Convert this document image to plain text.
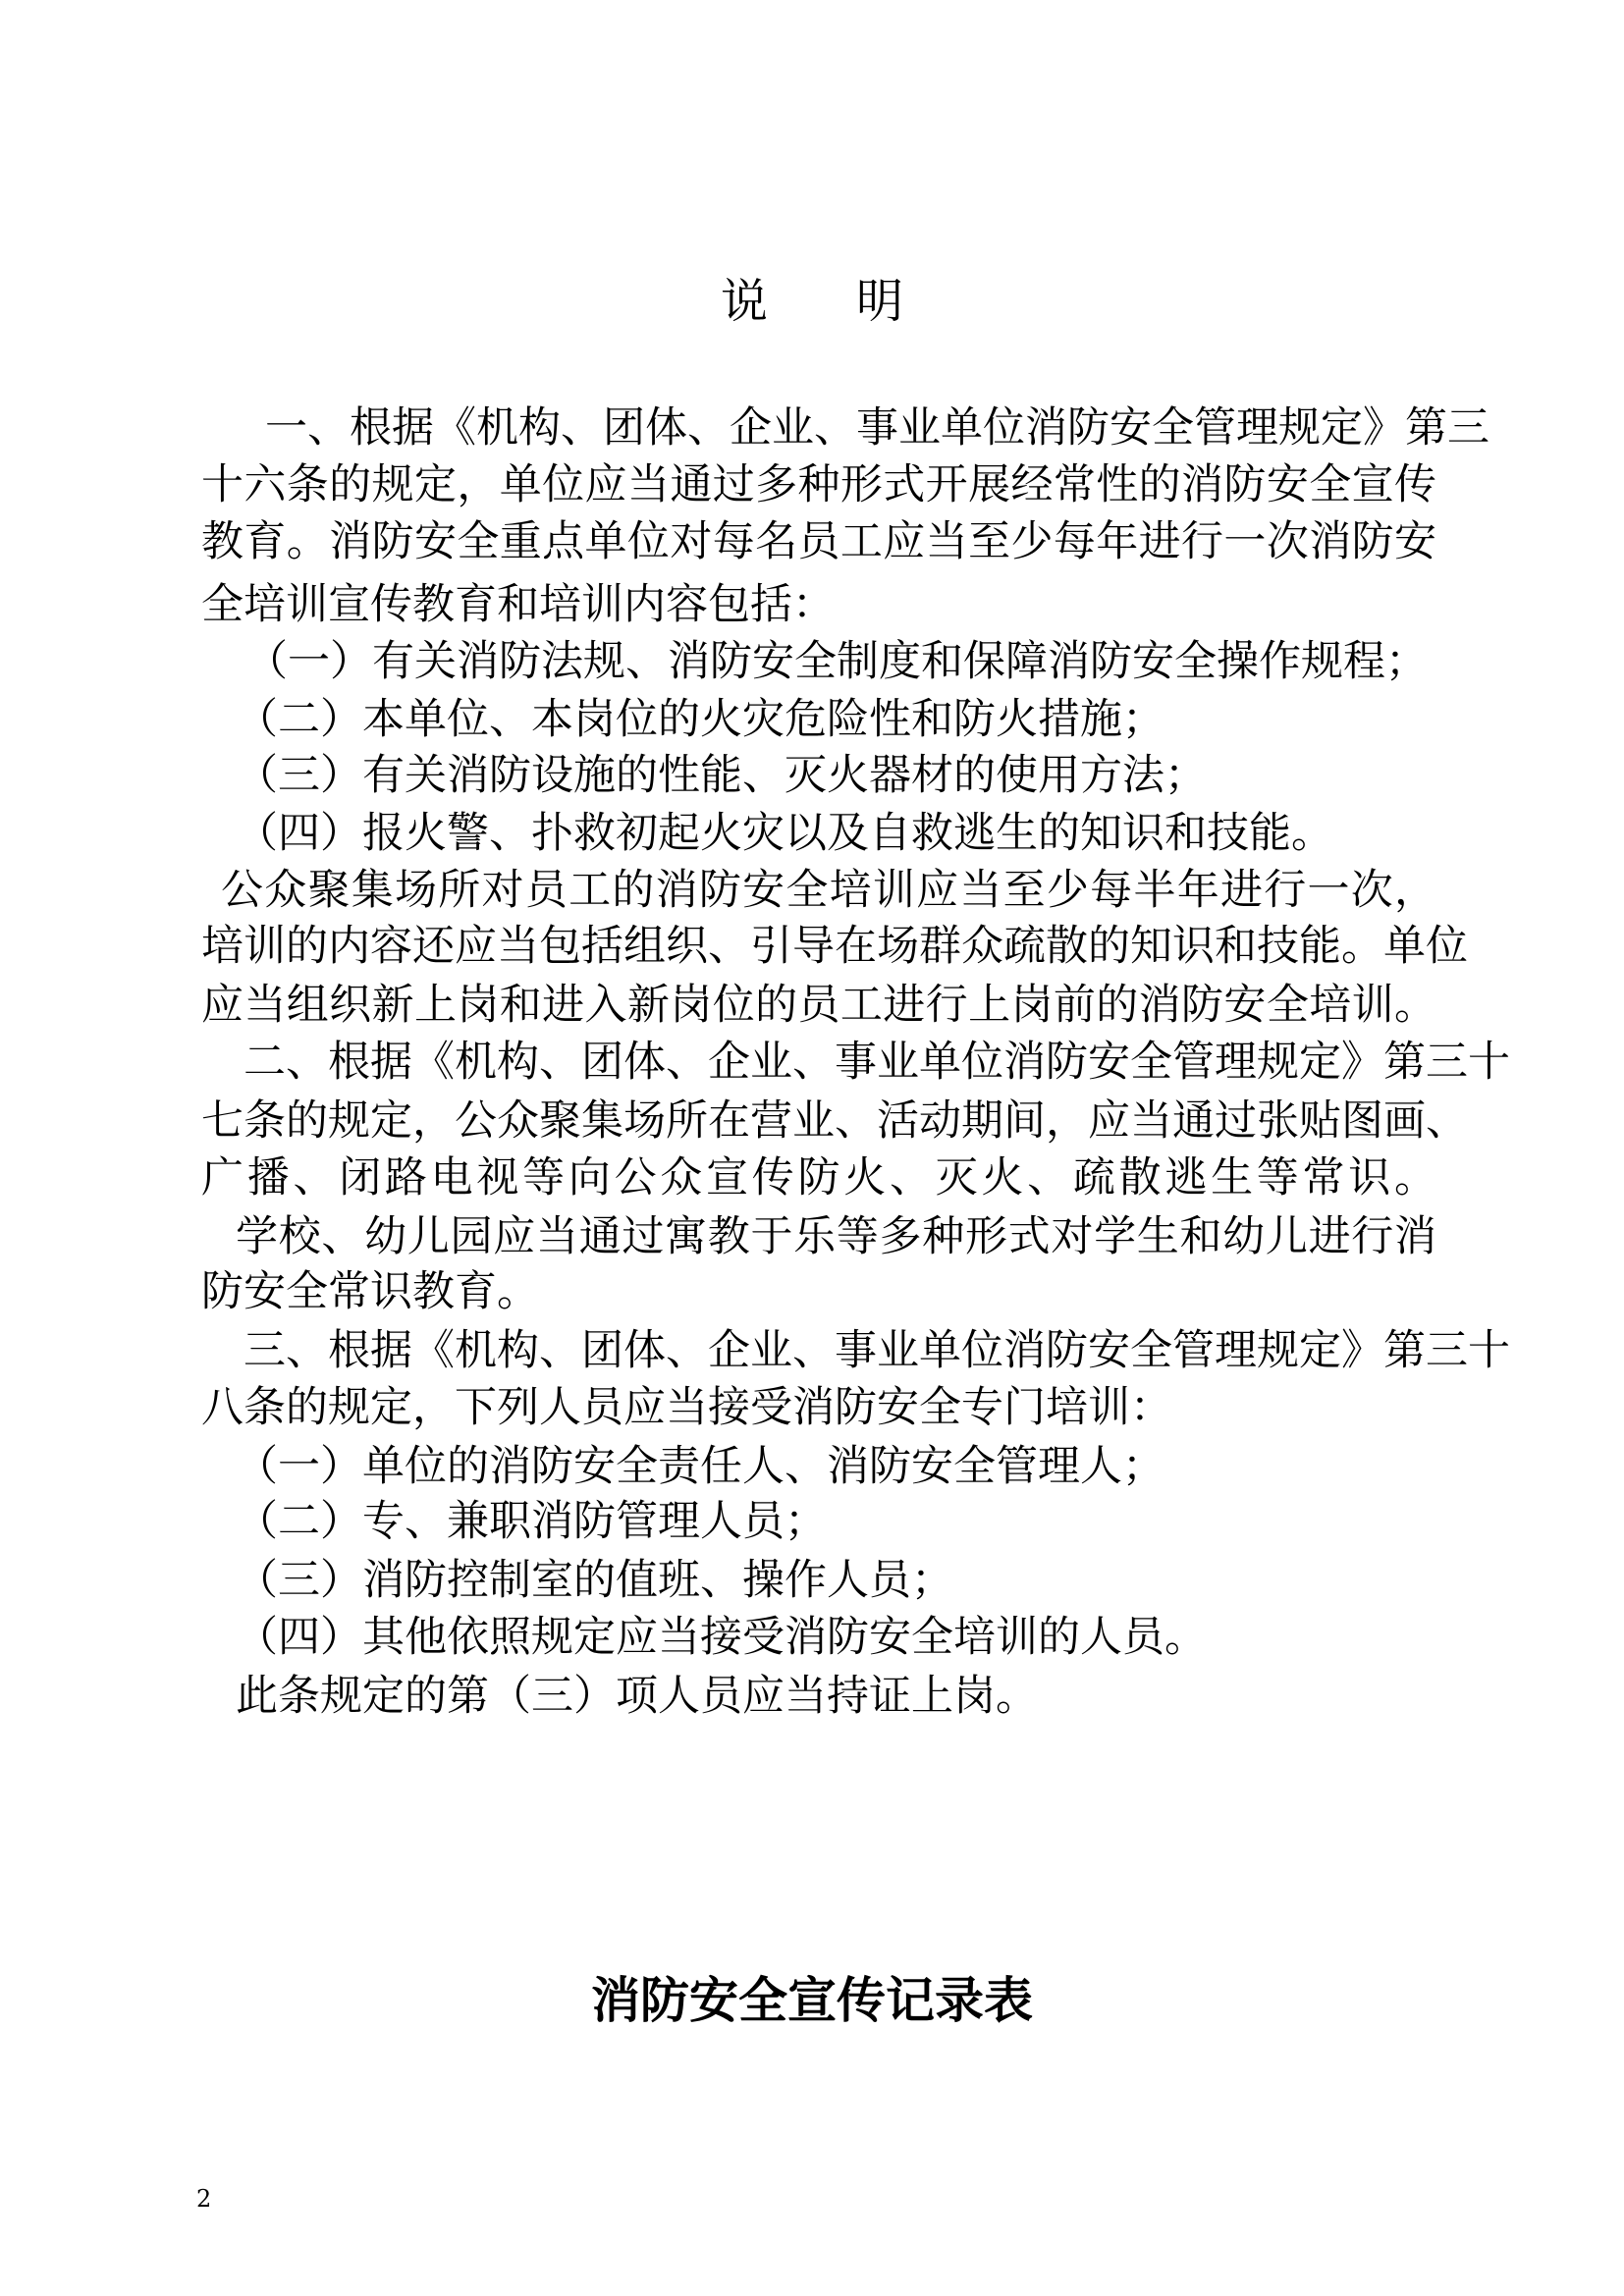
说明
一、根据《机构、团体、企业、事业单位消防安全管理规定》第三
十六条的规定，单位应当通过多种形式开展经常性的消防安全宣传
教育。消防安全重点单位对每名员工应当至少每年进行一次消防安
全培训宣传教育和培训内容包括：
（一）有关消防法规、消防安全制度和保障消防安全操作规程；
（二）本单位、本岗位的火灾危险性和防火措施；
（三）有关消防设施的性能、灭火器材的使用方法；
（四）报火警、扑救初起火灾以及自救逃生的知识和技能。
公众聚集场所对员工的消防安全培训应当至少每半年进行一次，
培训的内容还应当包括组织、引导在场群众疏散的知识和技能。单位
应当组织新上岗和进入新岗位的员工进行上岗前的消防安全培训。
二、根据《机构、团体、企业、事业单位消防安全管理规定》第三十
七条的规定，公众聚集场所在营业、活动期间，应当通过张贴图画、
广播、闭路电视等向公众宣传防火、灭火、疏散逃生等常识。
学校、幼儿园应当通过寓教于乐等多种形式对学生和幼儿进行消
防安全常识教育。
三、根据《机构、团体、企业、事业单位消防安全管理规定》第三十
八条的规定，下列人员应当接受消防安全专门培训：
（一）单位的消防安全责任人、消防安全管理人；
（二）专、兼职消防管理人员；
（三）消防控制室的值班、操作人员；
（四）其他依照规定应当接受消防安全培训的人员。
此条规定的第（三）项人员应当持证上岗。
消防安全宣传记录表
2
